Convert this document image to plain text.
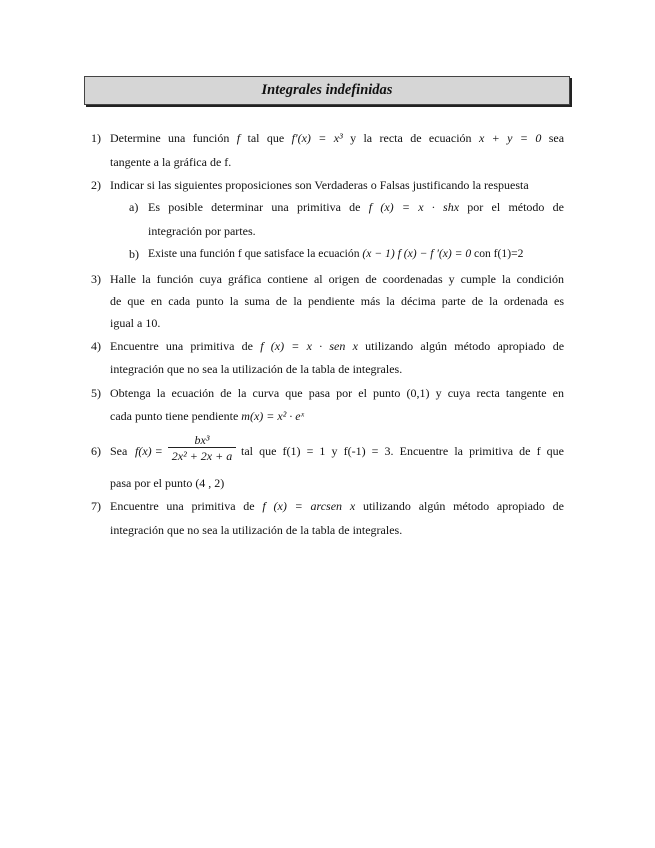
Integrales indefinidas
1) Determine una función f tal que f′(x) = x³ y la recta de ecuación x + y = 0 sea
tangente a la gráfica de f.
2) Indicar si las siguientes proposiciones son Verdaderas o Falsas justificando la respuesta
a) Es posible determinar una primitiva de f (x) = x · shx por el método de
integración por partes.
b) Existe una función f que satisface la ecuación (x − 1) f (x) − f ′(x) = 0 con f(1)=2
3) Halle la función cuya gráfica contiene al origen de coordenadas y cumple la condición
de que en cada punto la suma de la pendiente más la décima parte de la ordenada es
igual a 10.
4) Encuentre una primitiva de f (x) = x · sen x utilizando algún método apropiado de
integración que no sea la utilización de la tabla de integrales.
5) Obtenga la ecuación de la curva que pasa por el punto (0,1) y cuya recta tangente en
cada punto tiene pendiente m(x) = x² · eˣ
6) Sea $f(x) = \frac{\text{bx³}}{\text{2x² + 2x + a}}$ tal que f(1) = 1 y f(-1) = 3. Encuentre la primitiva de f que
pasa por el punto (4 , 2)
7) Encuentre una primitiva de f (x) = arcsen x utilizando algún método apropiado de
integración que no sea la utilización de la tabla de integrales.
